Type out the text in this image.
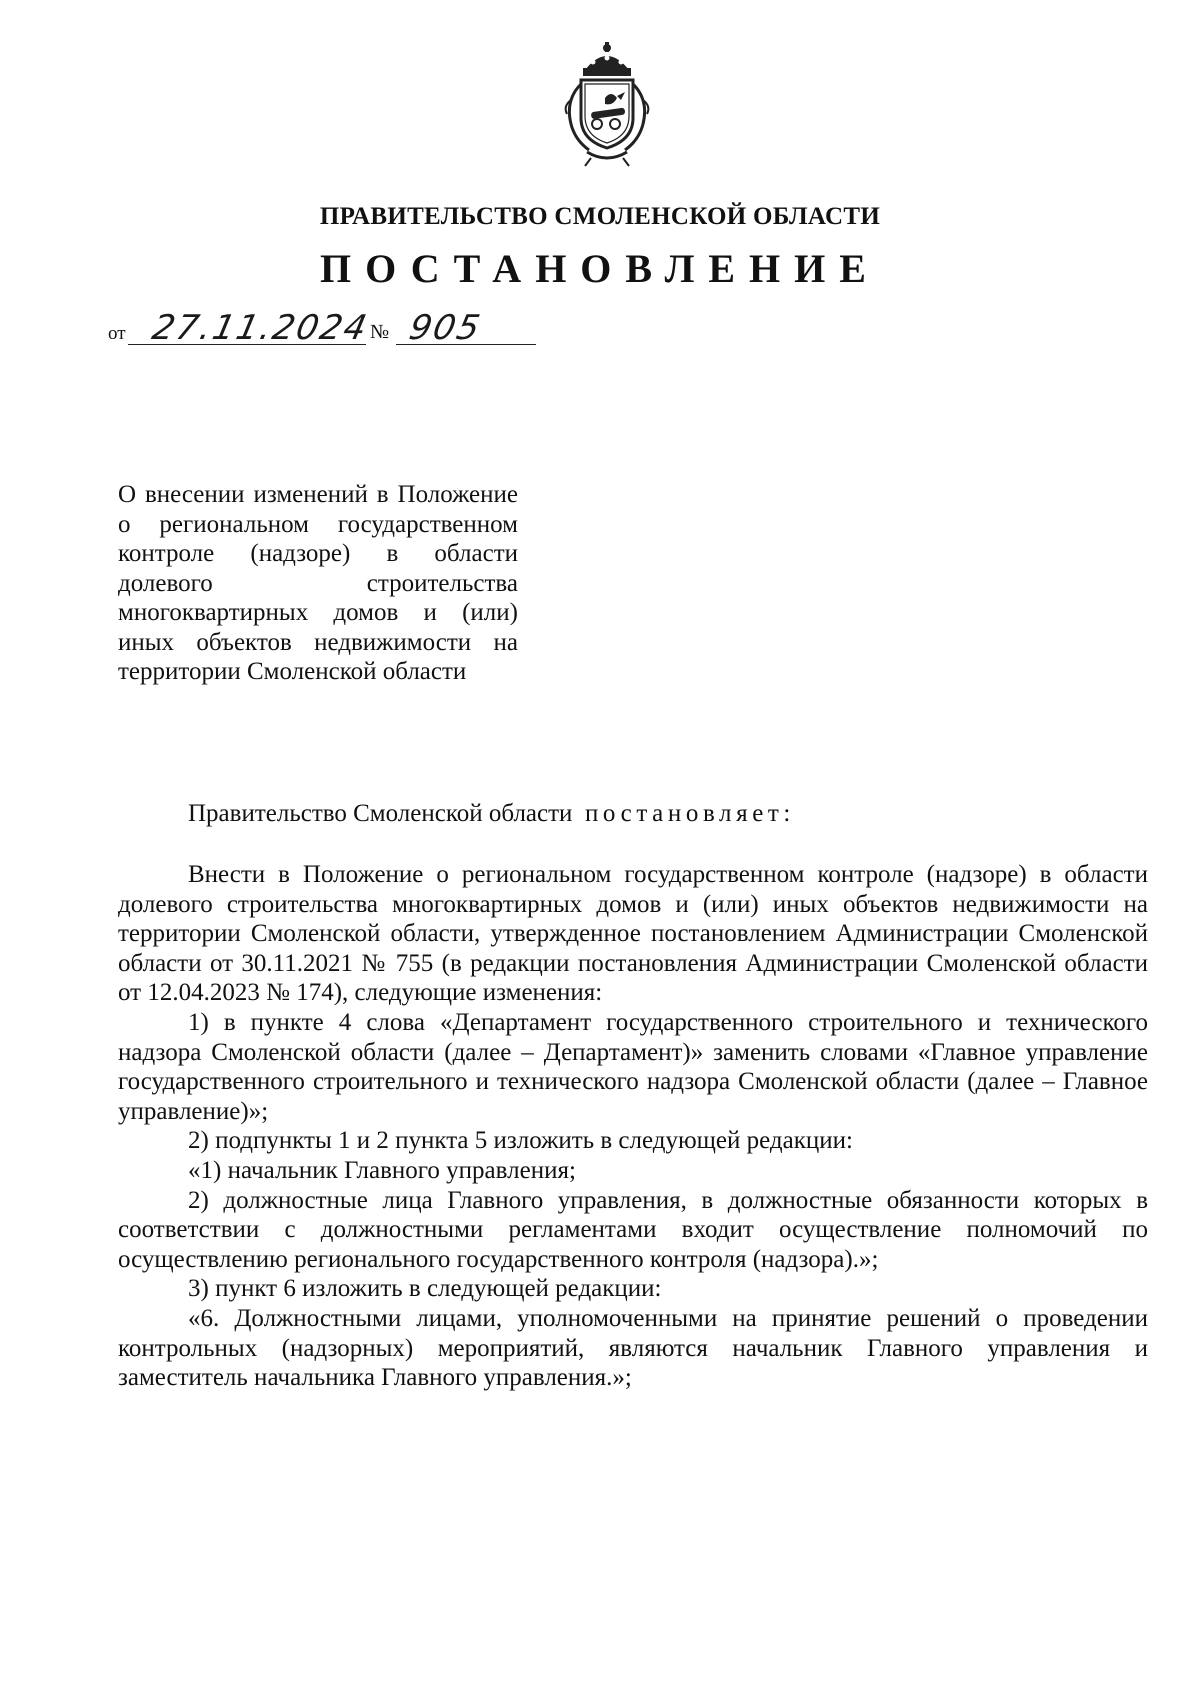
ПРАВИТЕЛЬСТВО СМОЛЕНСКОЙ ОБЛАСТИ
ПОСТАНОВЛЕНИЕ
от 27.11.2024
№ 905
О внесении изменений в Положение о региональном государственном контроле (надзоре) в области долевого строительства многоквартирных домов и (или) иных объектов недвижимости на территории Смоленской области
Правительство Смоленской области постановляет:

Внести в Положение о региональном государственном контроле (надзоре) в области долевого строительства многоквартирных домов и (или) иных объектов недвижимости на территории Смоленской области, утвержденное постановлением Администрации Смоленской области от 30.11.2021 № 755 (в редакции постановления Администрации Смоленской области от 12.04.2023 № 174), следующие изменения:

1) в пункте 4 слова «Департамент государственного строительного и технического надзора Смоленской области (далее – Департамент)» заменить словами «Главное управление государственного строительного и технического надзора Смоленской области (далее – Главное управление)»;

2) подпункты 1 и 2 пункта 5 изложить в следующей редакции:

«1) начальник Главного управления;

2) должностные лица Главного управления, в должностные обязанности которых в соответствии с должностными регламентами входит осуществление полномочий по осуществлению регионального государственного контроля (надзора).»;

3) пункт 6 изложить в следующей редакции:

«6. Должностными лицами, уполномоченными на принятие решений о проведении контрольных (надзорных) мероприятий, являются начальник Главного управления и заместитель начальника Главного управления.»;
